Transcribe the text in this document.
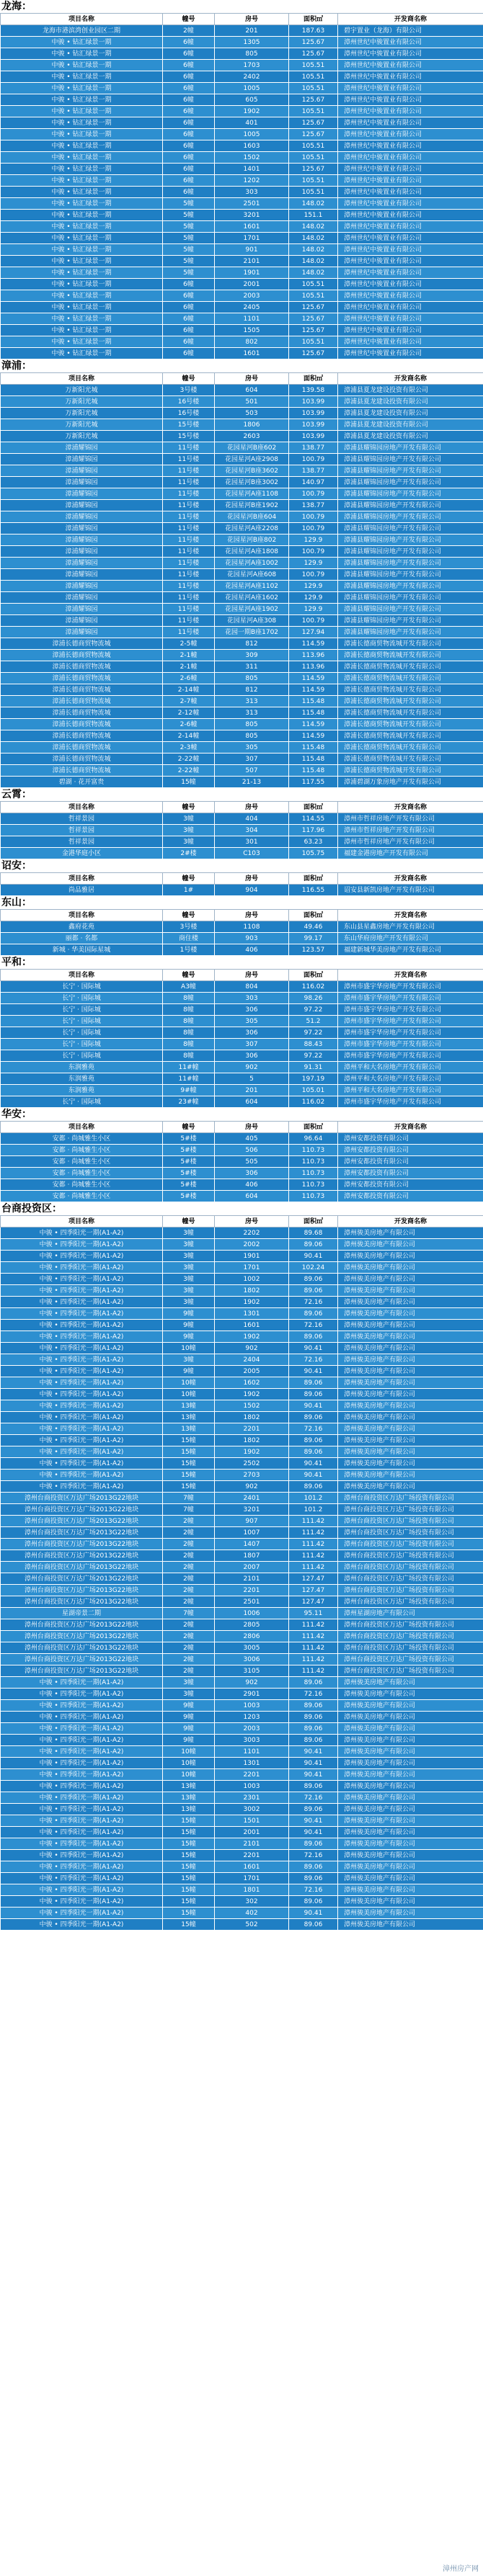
龙海：
项目名称	幢号	房号	面积㎡	开发商名称
龙海市港滨湾创业园区二期	2幢	201	187.63	碧宇置业（龙海）有限公司
中骏 • 钻汇绿景一期	6幢	1305	125.67	漳州世纪中骏置业有限公司
中骏 • 钻汇绿景一期	6幢	805	125.67	漳州世纪中骏置业有限公司
中骏 • 钻汇绿景一期	6幢	1703	105.51	漳州世纪中骏置业有限公司
中骏 • 钻汇绿景一期	6幢	2402	105.51	漳州世纪中骏置业有限公司
中骏 • 钻汇绿景一期	6幢	1005	105.51	漳州世纪中骏置业有限公司
中骏 • 钻汇绿景一期	6幢	605	125.67	漳州世纪中骏置业有限公司
中骏 • 钻汇绿景一期	6幢	1902	105.51	漳州世纪中骏置业有限公司
中骏 • 钻汇绿景一期	6幢	401	125.67	漳州世纪中骏置业有限公司
中骏 • 钻汇绿景一期	6幢	1005	125.67	漳州世纪中骏置业有限公司
中骏 • 钻汇绿景一期	6幢	1603	105.51	漳州世纪中骏置业有限公司
中骏 • 钻汇绿景一期	6幢	1502	105.51	漳州世纪中骏置业有限公司
中骏 • 钻汇绿景一期	6幢	1401	125.67	漳州世纪中骏置业有限公司
中骏 • 钻汇绿景一期	6幢	1202	105.51	漳州世纪中骏置业有限公司
中骏 • 钻汇绿景一期	6幢	303	105.51	漳州世纪中骏置业有限公司
中骏 • 钻汇绿景一期	5幢	2501	148.02	漳州世纪中骏置业有限公司
中骏 • 钻汇绿景一期	5幢	3201	151.1	漳州世纪中骏置业有限公司
中骏 • 钻汇绿景一期	5幢	1601	148.02	漳州世纪中骏置业有限公司
中骏 • 钻汇绿景一期	5幢	1701	148.02	漳州世纪中骏置业有限公司
中骏 • 钻汇绿景一期	5幢	901	148.02	漳州世纪中骏置业有限公司
中骏 • 钻汇绿景一期	5幢	2101	148.02	漳州世纪中骏置业有限公司
中骏 • 钻汇绿景一期	5幢	1901	148.02	漳州世纪中骏置业有限公司
中骏 • 钻汇绿景一期	6幢	2001	105.51	漳州世纪中骏置业有限公司
中骏 • 钻汇绿景一期	6幢	2003	105.51	漳州世纪中骏置业有限公司
中骏 • 钻汇绿景一期	6幢	2405	125.67	漳州世纪中骏置业有限公司
中骏 • 钻汇绿景一期	6幢	1101	125.67	漳州世纪中骏置业有限公司
中骏 • 钻汇绿景一期	6幢	1505	125.67	漳州世纪中骏置业有限公司
中骏 • 钻汇绿景一期	6幢	802	105.51	漳州世纪中骏置业有限公司
中骏 • 钻汇绿景一期	6幢	1601	125.67	漳州世纪中骏置业有限公司
漳浦：
项目名称	幢号	房号	面积㎡	开发商名称
万新阳光城	3号楼	604	139.58	漳浦县夏龙建设投资有限公司
万新阳光城	16号楼	501	103.99	漳浦县夏龙建设投资有限公司
万新阳光城	16号楼	503	103.99	漳浦县夏龙建设投资有限公司
万新阳光城	15号楼	1806	103.99	漳浦县夏龙建设投资有限公司
万新阳光城	15号楼	2603	103.99	漳浦县夏龙建设投资有限公司
漳浦耀锦园	11号楼	花园星河B座602	138.77	漳浦县耀锦园房地产开发有限公司
漳浦耀锦园	11号楼	花园星河A座2908	100.79	漳浦县耀锦园房地产开发有限公司
漳浦耀锦园	11号楼	花园星河B座3602	138.77	漳浦县耀锦园房地产开发有限公司
漳浦耀锦园	11号楼	花园星河B座3002	140.97	漳浦县耀锦园房地产开发有限公司
漳浦耀锦园	11号楼	花园星河A座1108	100.79	漳浦县耀锦园房地产开发有限公司
漳浦耀锦园	11号楼	花园星河B座1902	138.77	漳浦县耀锦园房地产开发有限公司
漳浦耀锦园	11号楼	花园星河B座604	100.79	漳浦县耀锦园房地产开发有限公司
漳浦耀锦园	11号楼	花园星河A座2208	100.79	漳浦县耀锦园房地产开发有限公司
漳浦耀锦园	11号楼	花园星河B座802	129.9	漳浦县耀锦园房地产开发有限公司
漳浦耀锦园	11号楼	花园星河A座1808	100.79	漳浦县耀锦园房地产开发有限公司
漳浦耀锦园	11号楼	花园星河A座1002	129.9	漳浦县耀锦园房地产开发有限公司
漳浦耀锦园	11号楼	花园星河A座608	100.79	漳浦县耀锦园房地产开发有限公司
漳浦耀锦园	11号楼	花园星河A座1102	129.9	漳浦县耀锦园房地产开发有限公司
漳浦耀锦园	11号楼	花园星河A座1602	129.9	漳浦县耀锦园房地产开发有限公司
漳浦耀锦园	11号楼	花园星河A座1902	129.9	漳浦县耀锦园房地产开发有限公司
漳浦耀锦园	11号楼	花园星河A座308	100.79	漳浦县耀锦园房地产开发有限公司
漳浦耀锦园	11号楼	花园一期B座1702	127.94	漳浦县耀锦园房地产开发有限公司
漳浦长德商贸物流城	2-5幢	812	114.59	漳浦长德商贸物流城开发有限公司
漳浦长德商贸物流城	2-1幢	309	113.96	漳浦长德商贸物流城开发有限公司
漳浦长德商贸物流城	2-1幢	311	113.96	漳浦长德商贸物流城开发有限公司
漳浦长德商贸物流城	2-6幢	805	114.59	漳浦长德商贸物流城开发有限公司
漳浦长德商贸物流城	2-14幢	812	114.59	漳浦长德商贸物流城开发有限公司
漳浦长德商贸物流城	2-7幢	313	115.48	漳浦长德商贸物流城开发有限公司
漳浦长德商贸物流城	2-12幢	313	115.48	漳浦长德商贸物流城开发有限公司
漳浦长德商贸物流城	2-6幢	805	114.59	漳浦长德商贸物流城开发有限公司
漳浦长德商贸物流城	2-14幢	805	114.59	漳浦长德商贸物流城开发有限公司
漳浦长德商贸物流城	2-3幢	305	115.48	漳浦长德商贸物流城开发有限公司
漳浦长德商贸物流城	2-22幢	307	115.48	漳浦长德商贸物流城开发有限公司
漳浦长德商贸物流城	2-22幢	507	115.48	漳浦长德商贸物流城开发有限公司
碧湖 · 花开富贵	15幢	21-13	117.55	漳浦碧湖万象房地产开发有限公司
云霄：
项目名称	幢号	房号	面积㎡	开发商名称
哲祥景园	3幢	404	114.55	漳州市哲祥房地产开发有限公司
哲祥景园	3幢	304	117.96	漳州市哲祥房地产开发有限公司
哲祥景园	3幢	301	63.23	漳州市哲祥房地产开发有限公司
金港华庭小区	2#楼	C103	105.75	福建金港房地产开发有限公司
诏安：
项目名称	幢号	房号	面积㎡	开发商名称
尚品雅居	1#	904	116.55	诏安县新凯房地产开发有限公司
东山：
项目名称	幢号	房号	面积㎡	开发商名称
鑫府花苑	3号楼	1108	49.46	东山县星鑫房地产开发有限公司
丽都 · 名都	商住楼	903	99.17	东山华府房地产开发有限公司
新城 · 华美国际星城	1号楼	406	123.57	福建新城华美房地产开发有限公司
平和：
项目名称	幢号	房号	面积㎡	开发商名称
长宁 · 国际城	A3幢	804	116.02	漳州市盛宇华房地产开发有限公司
长宁 · 国际城	8幢	303	98.26	漳州市盛宇华房地产开发有限公司
长宁 · 国际城	8幢	306	97.22	漳州市盛宇华房地产开发有限公司
长宁 · 国际城	8幢	305	51.2	漳州市盛宇华房地产开发有限公司
长宁 · 国际城	8幢	306	97.22	漳州市盛宇华房地产开发有限公司
长宁 · 国际城	8幢	307	88.43	漳州市盛宇华房地产开发有限公司
长宁 · 国际城	8幢	306	97.22	漳州市盛宇华房地产开发有限公司
东润雅苑	11#幢	902	91.31	漳州平和大名房地产开发有限公司
东润雅苑	11#幢	5	197.19	漳州平和大名房地产开发有限公司
东润雅苑	9#幢	201	105.01	漳州平和大名房地产开发有限公司
长宁 · 国际城	23#幢	604	116.02	漳州市盛宇华房地产开发有限公司
华安：
项目名称	幢号	房号	面积㎡	开发商名称
安都 · 尚城雅生小区	5#楼	405	96.64	漳州安都投资有限公司
安都 · 尚城雅生小区	5#楼	506	110.73	漳州安都投资有限公司
安都 · 尚城雅生小区	5#楼	505	110.73	漳州安都投资有限公司
安都 · 尚城雅生小区	5#楼	306	110.73	漳州安都投资有限公司
安都 · 尚城雅生小区	5#楼	406	110.73	漳州安都投资有限公司
安都 · 尚城雅生小区	5#楼	604	110.73	漳州安都投资有限公司
台商投资区：
项目名称	幢号	房号	面积㎡	开发商名称
中骏 • 四季阳光一期(A1-A2)	3幢	2202	89.68	漳州骏美房地产有限公司
中骏 • 四季阳光一期(A1-A2)	3幢	2002	89.06	漳州骏美房地产有限公司
中骏 • 四季阳光一期(A1-A2)	3幢	1901	90.41	漳州骏美房地产有限公司
中骏 • 四季阳光一期(A1-A2)	3幢	1701	102.24	漳州骏美房地产有限公司
中骏 • 四季阳光一期(A1-A2)	3幢	1002	89.06	漳州骏美房地产有限公司
中骏 • 四季阳光一期(A1-A2)	3幢	1802	89.06	漳州骏美房地产有限公司
中骏 • 四季阳光一期(A1-A2)	3幢	1902	72.16	漳州骏美房地产有限公司
中骏 • 四季阳光一期(A1-A2)	9幢	1301	89.06	漳州骏美房地产有限公司
中骏 • 四季阳光一期(A1-A2)	9幢	1601	72.16	漳州骏美房地产有限公司
中骏 • 四季阳光一期(A1-A2)	9幢	1902	89.06	漳州骏美房地产有限公司
中骏 • 四季阳光一期(A1-A2)	10幢	902	90.41	漳州骏美房地产有限公司
中骏 • 四季阳光一期(A1-A2)	3幢	2404	72.16	漳州骏美房地产有限公司
中骏 • 四季阳光一期(A1-A2)	9幢	2005	90.41	漳州骏美房地产有限公司
中骏 • 四季阳光一期(A1-A2)	10幢	1602	89.06	漳州骏美房地产有限公司
中骏 • 四季阳光一期(A1-A2)	10幢	1902	89.06	漳州骏美房地产有限公司
中骏 • 四季阳光一期(A1-A2)	13幢	1502	90.41	漳州骏美房地产有限公司
中骏 • 四季阳光一期(A1-A2)	13幢	1802	89.06	漳州骏美房地产有限公司
中骏 • 四季阳光一期(A1-A2)	13幢	2201	72.16	漳州骏美房地产有限公司
中骏 • 四季阳光一期(A1-A2)	15幢	1802	89.06	漳州骏美房地产有限公司
中骏 • 四季阳光一期(A1-A2)	15幢	1902	89.06	漳州骏美房地产有限公司
中骏 • 四季阳光一期(A1-A2)	15幢	2502	90.41	漳州骏美房地产有限公司
中骏 • 四季阳光一期(A1-A2)	15幢	2703	90.41	漳州骏美房地产有限公司
中骏 • 四季阳光一期(A1-A2)	15幢	902	89.06	漳州骏美房地产有限公司
漳州台商投资区万达广场2013G22地块	7幢	2401	101.2	漳州台商投资区万达广场投资有限公司
漳州台商投资区万达广场2013G22地块	7幢	3201	101.2	漳州台商投资区万达广场投资有限公司
漳州台商投资区万达广场2013G22地块	2幢	907	111.42	漳州台商投资区万达广场投资有限公司
漳州台商投资区万达广场2013G22地块	2幢	1007	111.42	漳州台商投资区万达广场投资有限公司
漳州台商投资区万达广场2013G22地块	2幢	1407	111.42	漳州台商投资区万达广场投资有限公司
漳州台商投资区万达广场2013G22地块	2幢	1807	111.42	漳州台商投资区万达广场投资有限公司
漳州台商投资区万达广场2013G22地块	2幢	2007	111.42	漳州台商投资区万达广场投资有限公司
漳州台商投资区万达广场2013G22地块	2幢	2101	127.47	漳州台商投资区万达广场投资有限公司
漳州台商投资区万达广场2013G22地块	2幢	2201	127.47	漳州台商投资区万达广场投资有限公司
漳州台商投资区万达广场2013G22地块	2幢	2501	127.47	漳州台商投资区万达广场投资有限公司
星湖帝景二期	7幢	1006	95.11	漳州星湖房地产有限公司
漳州台商投资区万达广场2013G22地块	2幢	2805	111.42	漳州台商投资区万达广场投资有限公司
漳州台商投资区万达广场2013G22地块	2幢	2806	111.42	漳州台商投资区万达广场投资有限公司
漳州台商投资区万达广场2013G22地块	2幢	3005	111.42	漳州台商投资区万达广场投资有限公司
漳州台商投资区万达广场2013G22地块	2幢	3006	111.42	漳州台商投资区万达广场投资有限公司
漳州台商投资区万达广场2013G22地块	2幢	3105	111.42	漳州台商投资区万达广场投资有限公司
中骏 • 四季阳光一期(A1-A2)	3幢	902	89.06	漳州骏美房地产有限公司
中骏 • 四季阳光一期(A1-A2)	3幢	2901	72.16	漳州骏美房地产有限公司
中骏 • 四季阳光一期(A1-A2)	9幢	1003	89.06	漳州骏美房地产有限公司
中骏 • 四季阳光一期(A1-A2)	9幢	1203	89.06	漳州骏美房地产有限公司
中骏 • 四季阳光一期(A1-A2)	9幢	2003	89.06	漳州骏美房地产有限公司
中骏 • 四季阳光一期(A1-A2)	9幢	3003	89.06	漳州骏美房地产有限公司
中骏 • 四季阳光一期(A1-A2)	10幢	1101	90.41	漳州骏美房地产有限公司
中骏 • 四季阳光一期(A1-A2)	10幢	1301	90.41	漳州骏美房地产有限公司
中骏 • 四季阳光一期(A1-A2)	10幢	2201	90.41	漳州骏美房地产有限公司
中骏 • 四季阳光一期(A1-A2)	13幢	1003	89.06	漳州骏美房地产有限公司
中骏 • 四季阳光一期(A1-A2)	13幢	2301	72.16	漳州骏美房地产有限公司
中骏 • 四季阳光一期(A1-A2)	13幢	3002	89.06	漳州骏美房地产有限公司
中骏 • 四季阳光一期(A1-A2)	15幢	1501	90.41	漳州骏美房地产有限公司
中骏 • 四季阳光一期(A1-A2)	15幢	2001	90.41	漳州骏美房地产有限公司
中骏 • 四季阳光一期(A1-A2)	15幢	2101	89.06	漳州骏美房地产有限公司
中骏 • 四季阳光一期(A1-A2)	15幢	2201	72.16	漳州骏美房地产有限公司
中骏 • 四季阳光一期(A1-A2)	15幢	1601	89.06	漳州骏美房地产有限公司
中骏 • 四季阳光一期(A1-A2)	15幢	1701	89.06	漳州骏美房地产有限公司
中骏 • 四季阳光一期(A1-A2)	15幢	1801	72.16	漳州骏美房地产有限公司
中骏 • 四季阳光一期(A1-A2)	15幢	302	89.06	漳州骏美房地产有限公司
中骏 • 四季阳光一期(A1-A2)	15幢	402	90.41	漳州骏美房地产有限公司
中骏 • 四季阳光一期(A1-A2)	15幢	502	89.06	漳州骏美房地产有限公司
漳州房产网
